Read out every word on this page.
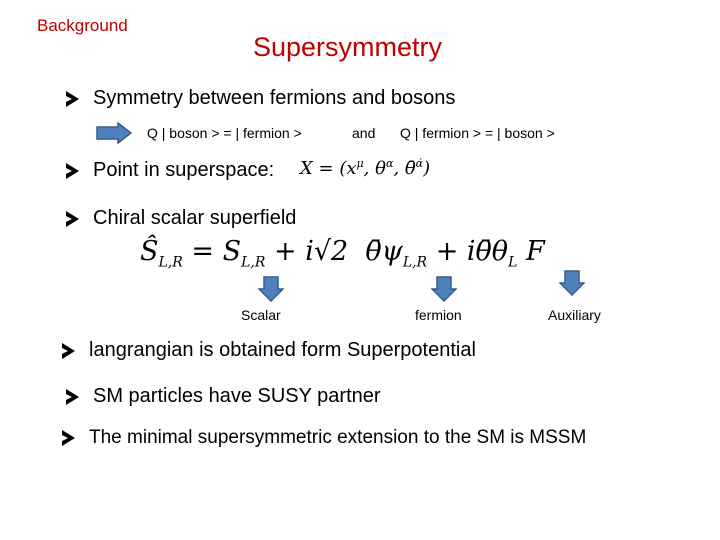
Background
Supersymmetry
Symmetry between fermions and bosons
Q | boson > = | fermion >	and Q | fermion > = | boson >
Point in superspace: $X = (x^\mu$, $\theta^\alpha$, θ̄$^{\alphȧ}$)
Chiral scalar superfield
$Ŝ_{L,R} = S_{L,R} + i√2$  $\thetā\psi_{L,R}$ + $i\thetā\theta_L$ F
Scalar	fermion	Auxiliary
langrangian is obtained form Superpotential
SM particles have SUSY partner
The minimal supersymmetric extension to the SM is MSSM
